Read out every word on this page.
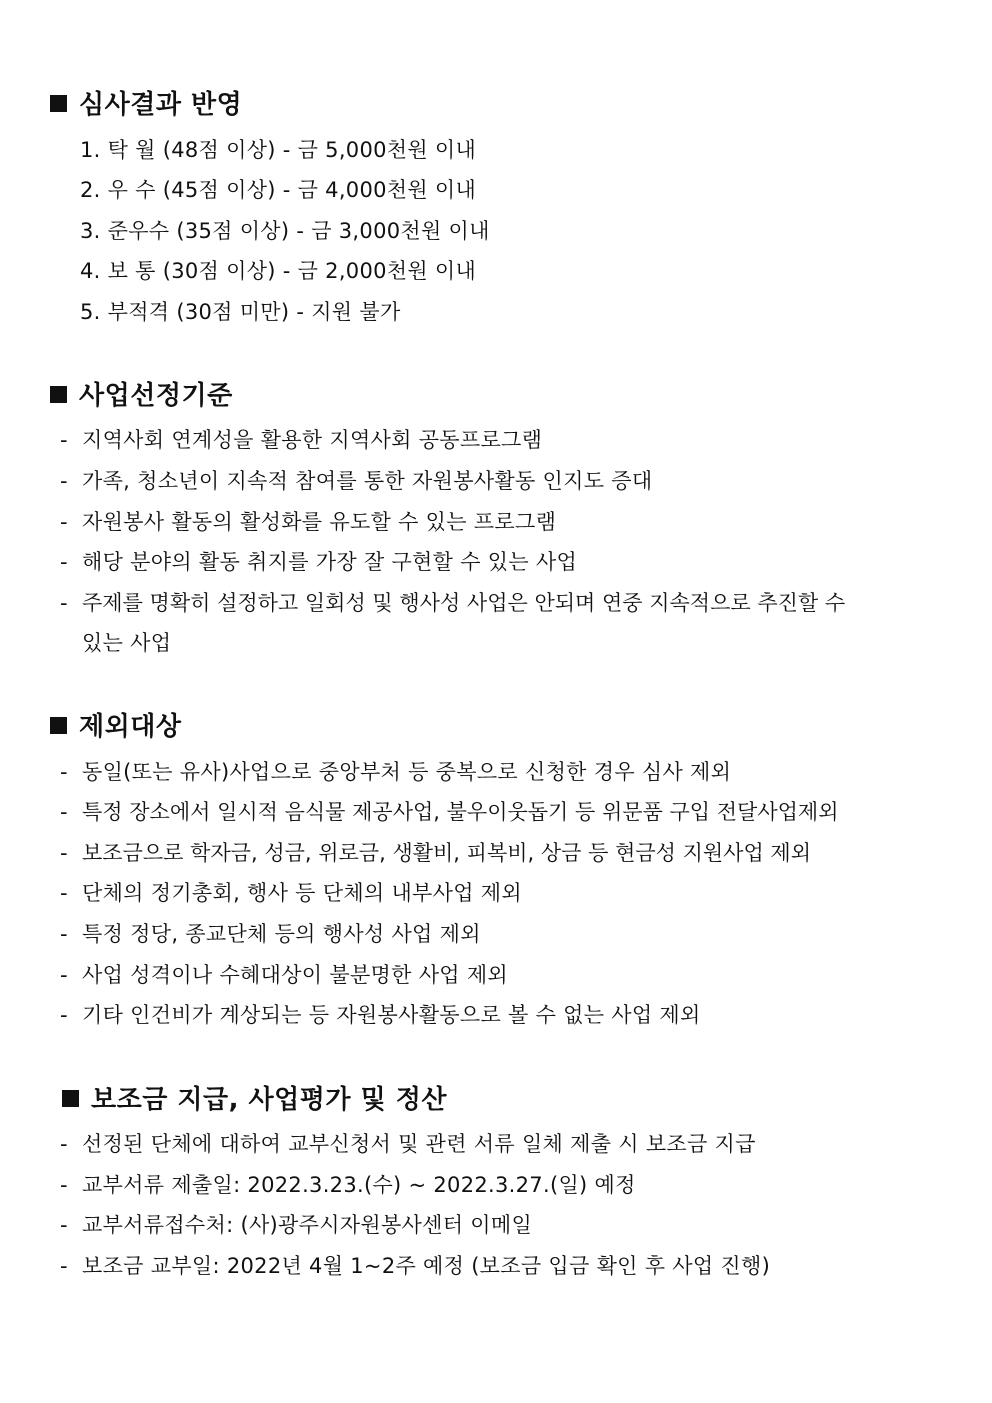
심사결과 반영
1. 탁 월 (48점 이상) - 금 5,000천원 이내
2. 우 수 (45점 이상) - 금 4,000천원 이내
3. 준우수 (35점 이상) - 금 3,000천원 이내
4. 보 통 (30점 이상) - 금 2,000천원 이내
5. 부적격 (30점 미만) - 지원 불가
사업선정기준
- 지역사회 연계성을 활용한 지역사회 공동프로그램
- 가족, 청소년이 지속적 참여를 통한 자원봉사활동 인지도 증대
- 자원봉사 활동의 활성화를 유도할 수 있는 프로그램
- 해당 분야의 활동 취지를 가장 잘 구현할 수 있는 사업
- 주제를 명확히 설정하고 일회성 및 행사성 사업은 안되며 연중 지속적으로 추진할 수
있는 사업
제외대상
- 동일(또는 유사)사업으로 중앙부처 등 중복으로 신청한 경우 심사 제외
- 특정 장소에서 일시적 음식물 제공사업, 불우이웃돕기 등 위문품 구입 전달사업제외
- 보조금으로 학자금, 성금, 위로금, 생활비, 피복비, 상금 등 현금성 지원사업 제외
- 단체의 정기총회, 행사 등 단체의 내부사업 제외
- 특정 정당, 종교단체 등의 행사성 사업 제외
- 사업 성격이나 수혜대상이 불분명한 사업 제외
- 기타 인건비가 계상되는 등 자원봉사활동으로 볼 수 없는 사업 제외
보조금 지급, 사업평가 및 정산
- 선정된 단체에 대하여 교부신청서 및 관련 서류 일체 제출 시 보조금 지급
- 교부서류 제출일: 2022.3.23.(수) ~ 2022.3.27.(일) 예정
- 교부서류접수처: (사)광주시자원봉사센터 이메일
- 보조금 교부일: 2022년 4월 1~2주 예정 (보조금 입금 확인 후 사업 진행)
